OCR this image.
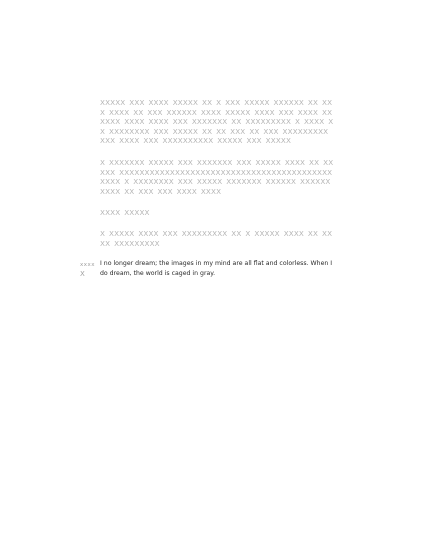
XXXXX XXX XXXX XXXXX XX X XXX XXXXX XXXXXX XX XXX XXXX XX XXX XXXXXX XXXX XXXXX XXXX XXX XXXX XXXXXX XXXX XXXX XXX XXXXXXX XX XXXXXXXXX X XXXX XX XXXXXXXX XXX XXXXX XX XX XXX XX XXX XXXXXXXXX XXX XXXX XXX XXXXXXXXXX XXXXX XXX XXXXX
X XXXXXXX XXXXX XXX XXXXXXX XXX XXXXX XXXX XX XXXXX XXXXXXXXXXXXXXXXXXXXXXXXXXXXXXXXXXXXXXXXXXXXXX X XXXXXXXX XXX XXXXX XXXXXXX XXXXXX XXXXXXXXXX XX XXX XXX XXXX XXXX
XXXX XXXXX
X XXXXX XXXX XXX XXXXXXXXX XX X XXXXX XXXX XX XXXX XXXXXXXXX
xxxx
X
I no longer dream; the images in my mind are all flat and colorless. When I do dream, the world is caged in gray.
